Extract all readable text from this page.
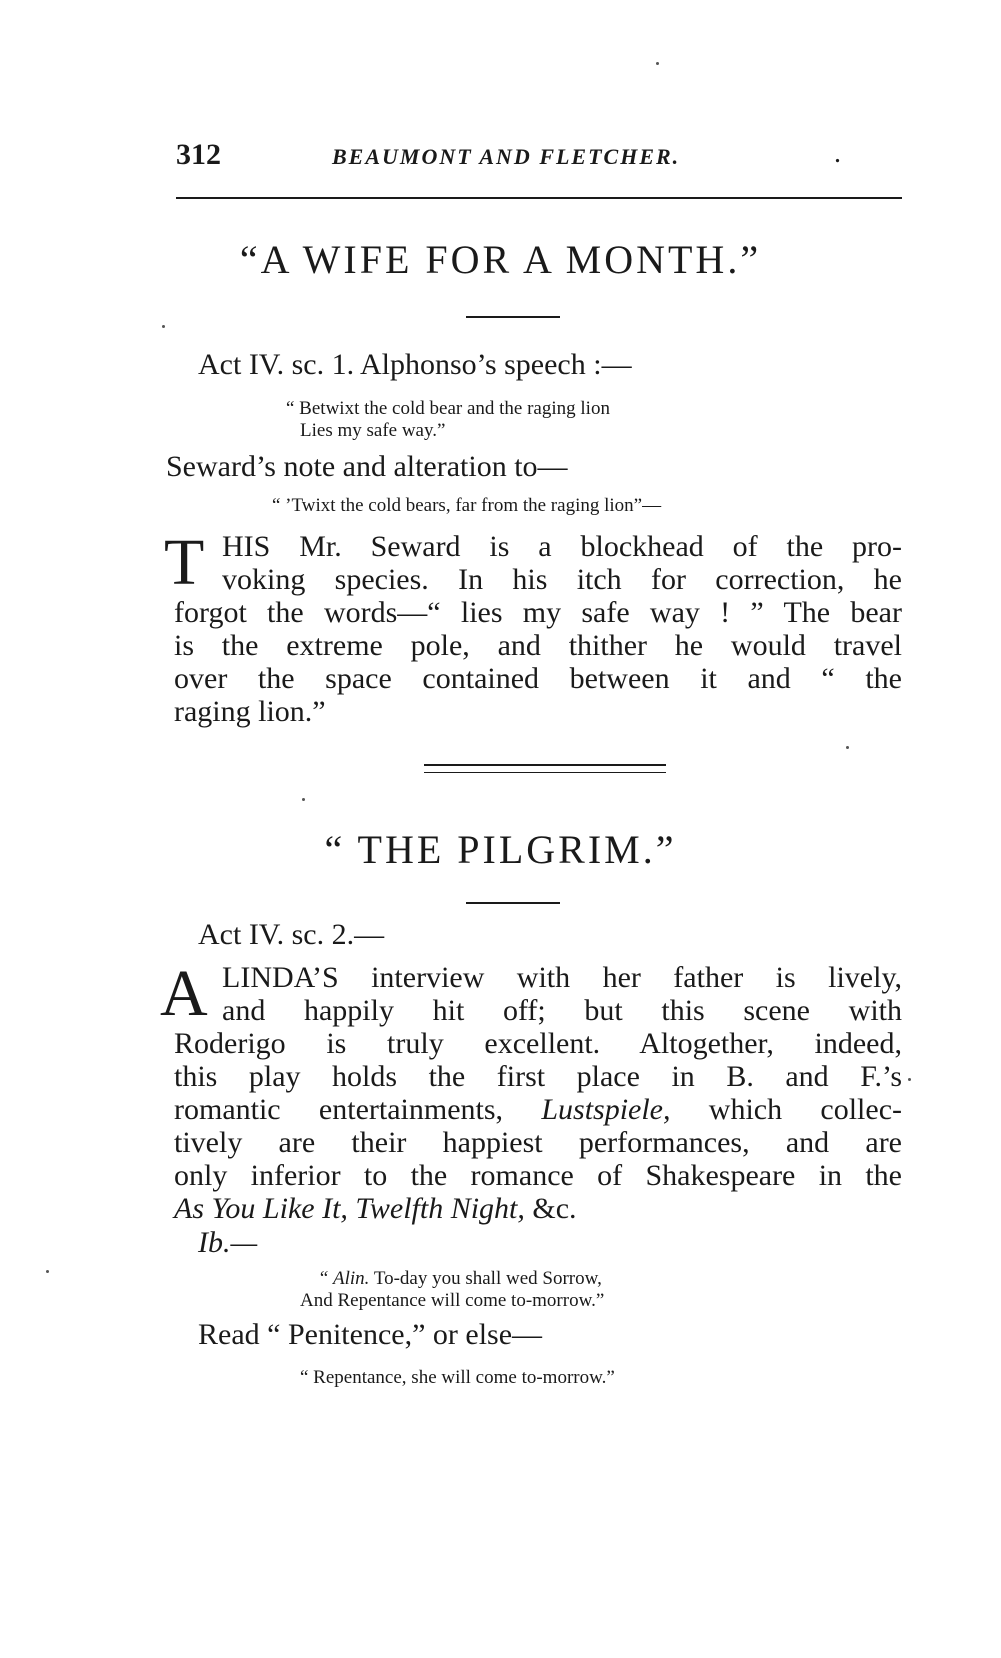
312	BEAUMONT AND FLETCHER.	.
“A WIFE FOR A MONTH.”

Act IV. sc. 1. Alphonso’s speech :—

“ Betwixt the cold bear and the raging lion

Lies my safe way.”

Seward’s note and alteration to—

“ ’Twixt the cold bears, far from the raging lion”—

T HIS Mr. Seward is a blockhead of the pro-

voking species. In his itch for correction, he

forgot the words—“ lies my safe way ! ” The bear

is the extreme pole, and thither he would travel

over the space contained between it and “ the

raging lion.”

“ THE PILGRIM.”

Act IV. sc. 2.—

A LINDA’S interview with her father is lively,

and happily hit off; but this scene with

Roderigo is truly excellent. Altogether, indeed,

this play holds the first place in B. and F.’s

romantic entertainments, Lustspiele, which collec-

tively are their happiest performances, and are

only inferior to the romance of Shakespeare in the

As You Like It, Twelfth Night, &c.

Ib.—

“ Alin. To-day you shall wed Sorrow,

And Repentance will come to-morrow.”

Read “ Penitence,” or else—

“ Repentance, she will come to-morrow.”
